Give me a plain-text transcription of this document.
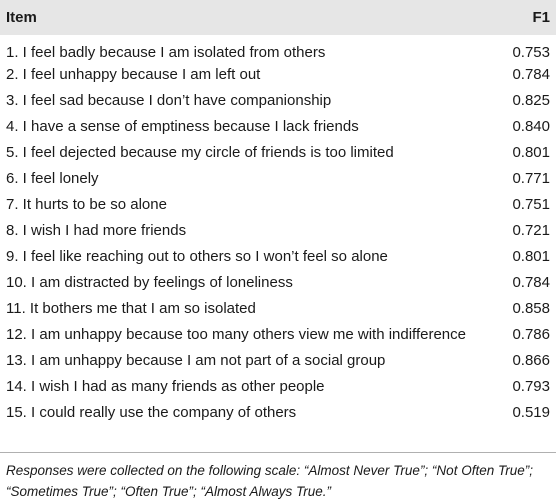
Item	F1
1. I feel badly because I am isolated from others	0.753
2. I feel unhappy because I am left out	0.784
3. I feel sad because I don’t have companionship	0.825
4. I have a sense of emptiness because I lack friends	0.840
5. I feel dejected because my circle of friends is too limited	0.801
6. I feel lonely	0.771
7. It hurts to be so alone	0.751
8. I wish I had more friends	0.721
9. I feel like reaching out to others so I won’t feel so alone	0.801
10. I am distracted by feelings of loneliness	0.784
11. It bothers me that I am so isolated	0.858
12. I am unhappy because too many others view me with indifference	0.786
13. I am unhappy because I am not part of a social group	0.866
14. I wish I had as many friends as other people	0.793
15. I could really use the company of others	0.519
Responses were collected on the following scale: “Almost Never True”; “Not Often True”; “Sometimes True”; “Often True”; “Almost Always True.”
